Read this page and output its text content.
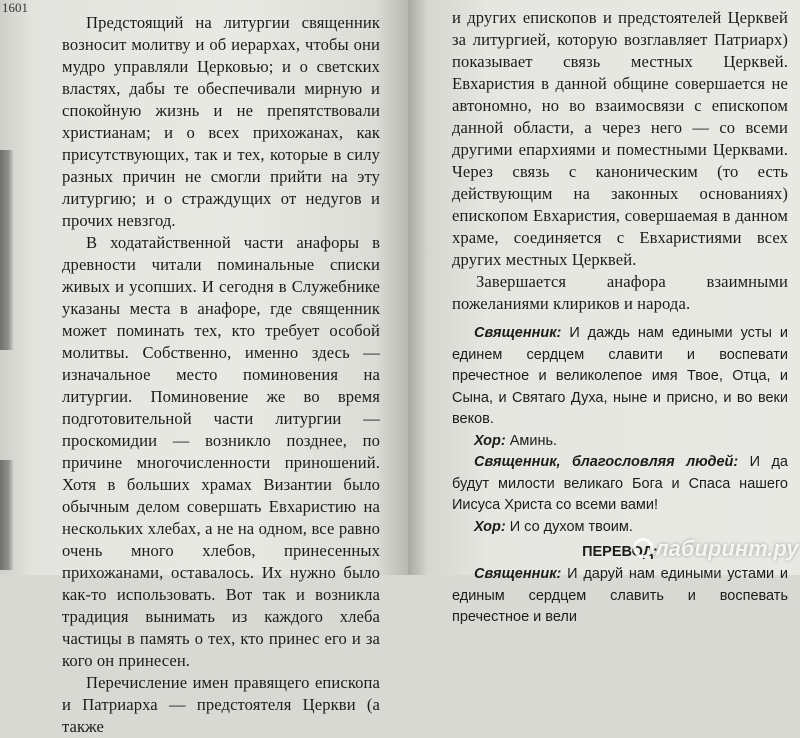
1601

Предстоящий на литургии священник возносит молитву и об иерархах, чтобы они мудро управляли Церковью; и о светских властях, дабы те обеспечивали мирную и спокойную жизнь и не препятствовали христианам; и о всех прихожанах, как присутствующих, так и тех, которые в силу разных причин не смогли прийти на эту литургию; и о страждущих от недугов и прочих невзгод.

В ходатайственной части анафоры в древности читали поминальные списки живых и усопших. И сегодня в Служебнике указаны места в анафоре, где священник может поминать тех, кто требует особой молитвы. Собственно, именно здесь — изначальное место поминовения на литургии. Поминовение же во время подготовительной части литургии — проскомидии — возникло позднее, по причине многочисленности приношений. Хотя в больших храмах Византии было обычным делом совершать Евхаристию на нескольких хлебах, а не на одном, все равно очень много хлебов, принесенных прихожанами, оставалось. Их нужно было как-то использовать. Вот так и возникла традиция вынимать из каждого хлеба частицы в память о тех, кто принес его и за кого он принесен.

Перечисление имен правящего епископа и Патриарха — предстоятеля Церкви (а также

и других епископов и предстоятелей Церквей за литургией, которую возглавляет Патриарх) показывает связь местных Церквей. Евхаристия в данной общине совершается не автономно, но во взаимосвязи с епископом данной области, а через него — со всеми другими епархиями и поместными Церквами. Через связь с каноническим (то есть действующим на законных основаниях) епископом Евхаристия, совершаемая в данном храме, соединяется с Евхаристиями всех других местных Церквей.

Завершается анафора взаимными пожеланиями клириков и народа.

Священник: И даждь нам едиными усты и единем сердцем славити и воспевати пречестное и великолепое имя Твое, Отца, и Сына, и Святаго Духа, ныне и присно, и во веки веков.

Хор: Аминь.

Священник, благословляя людей: И да будут милости великаго Бога и Спаса нашего Иисуса Христа со всеми вами!

Хор: И со духом твоим.

ПЕРЕВОД:

Священник: И даруй нам едиными устами и единым сердцем славить и воспевать пречестное и вели

лабиринт.ру
